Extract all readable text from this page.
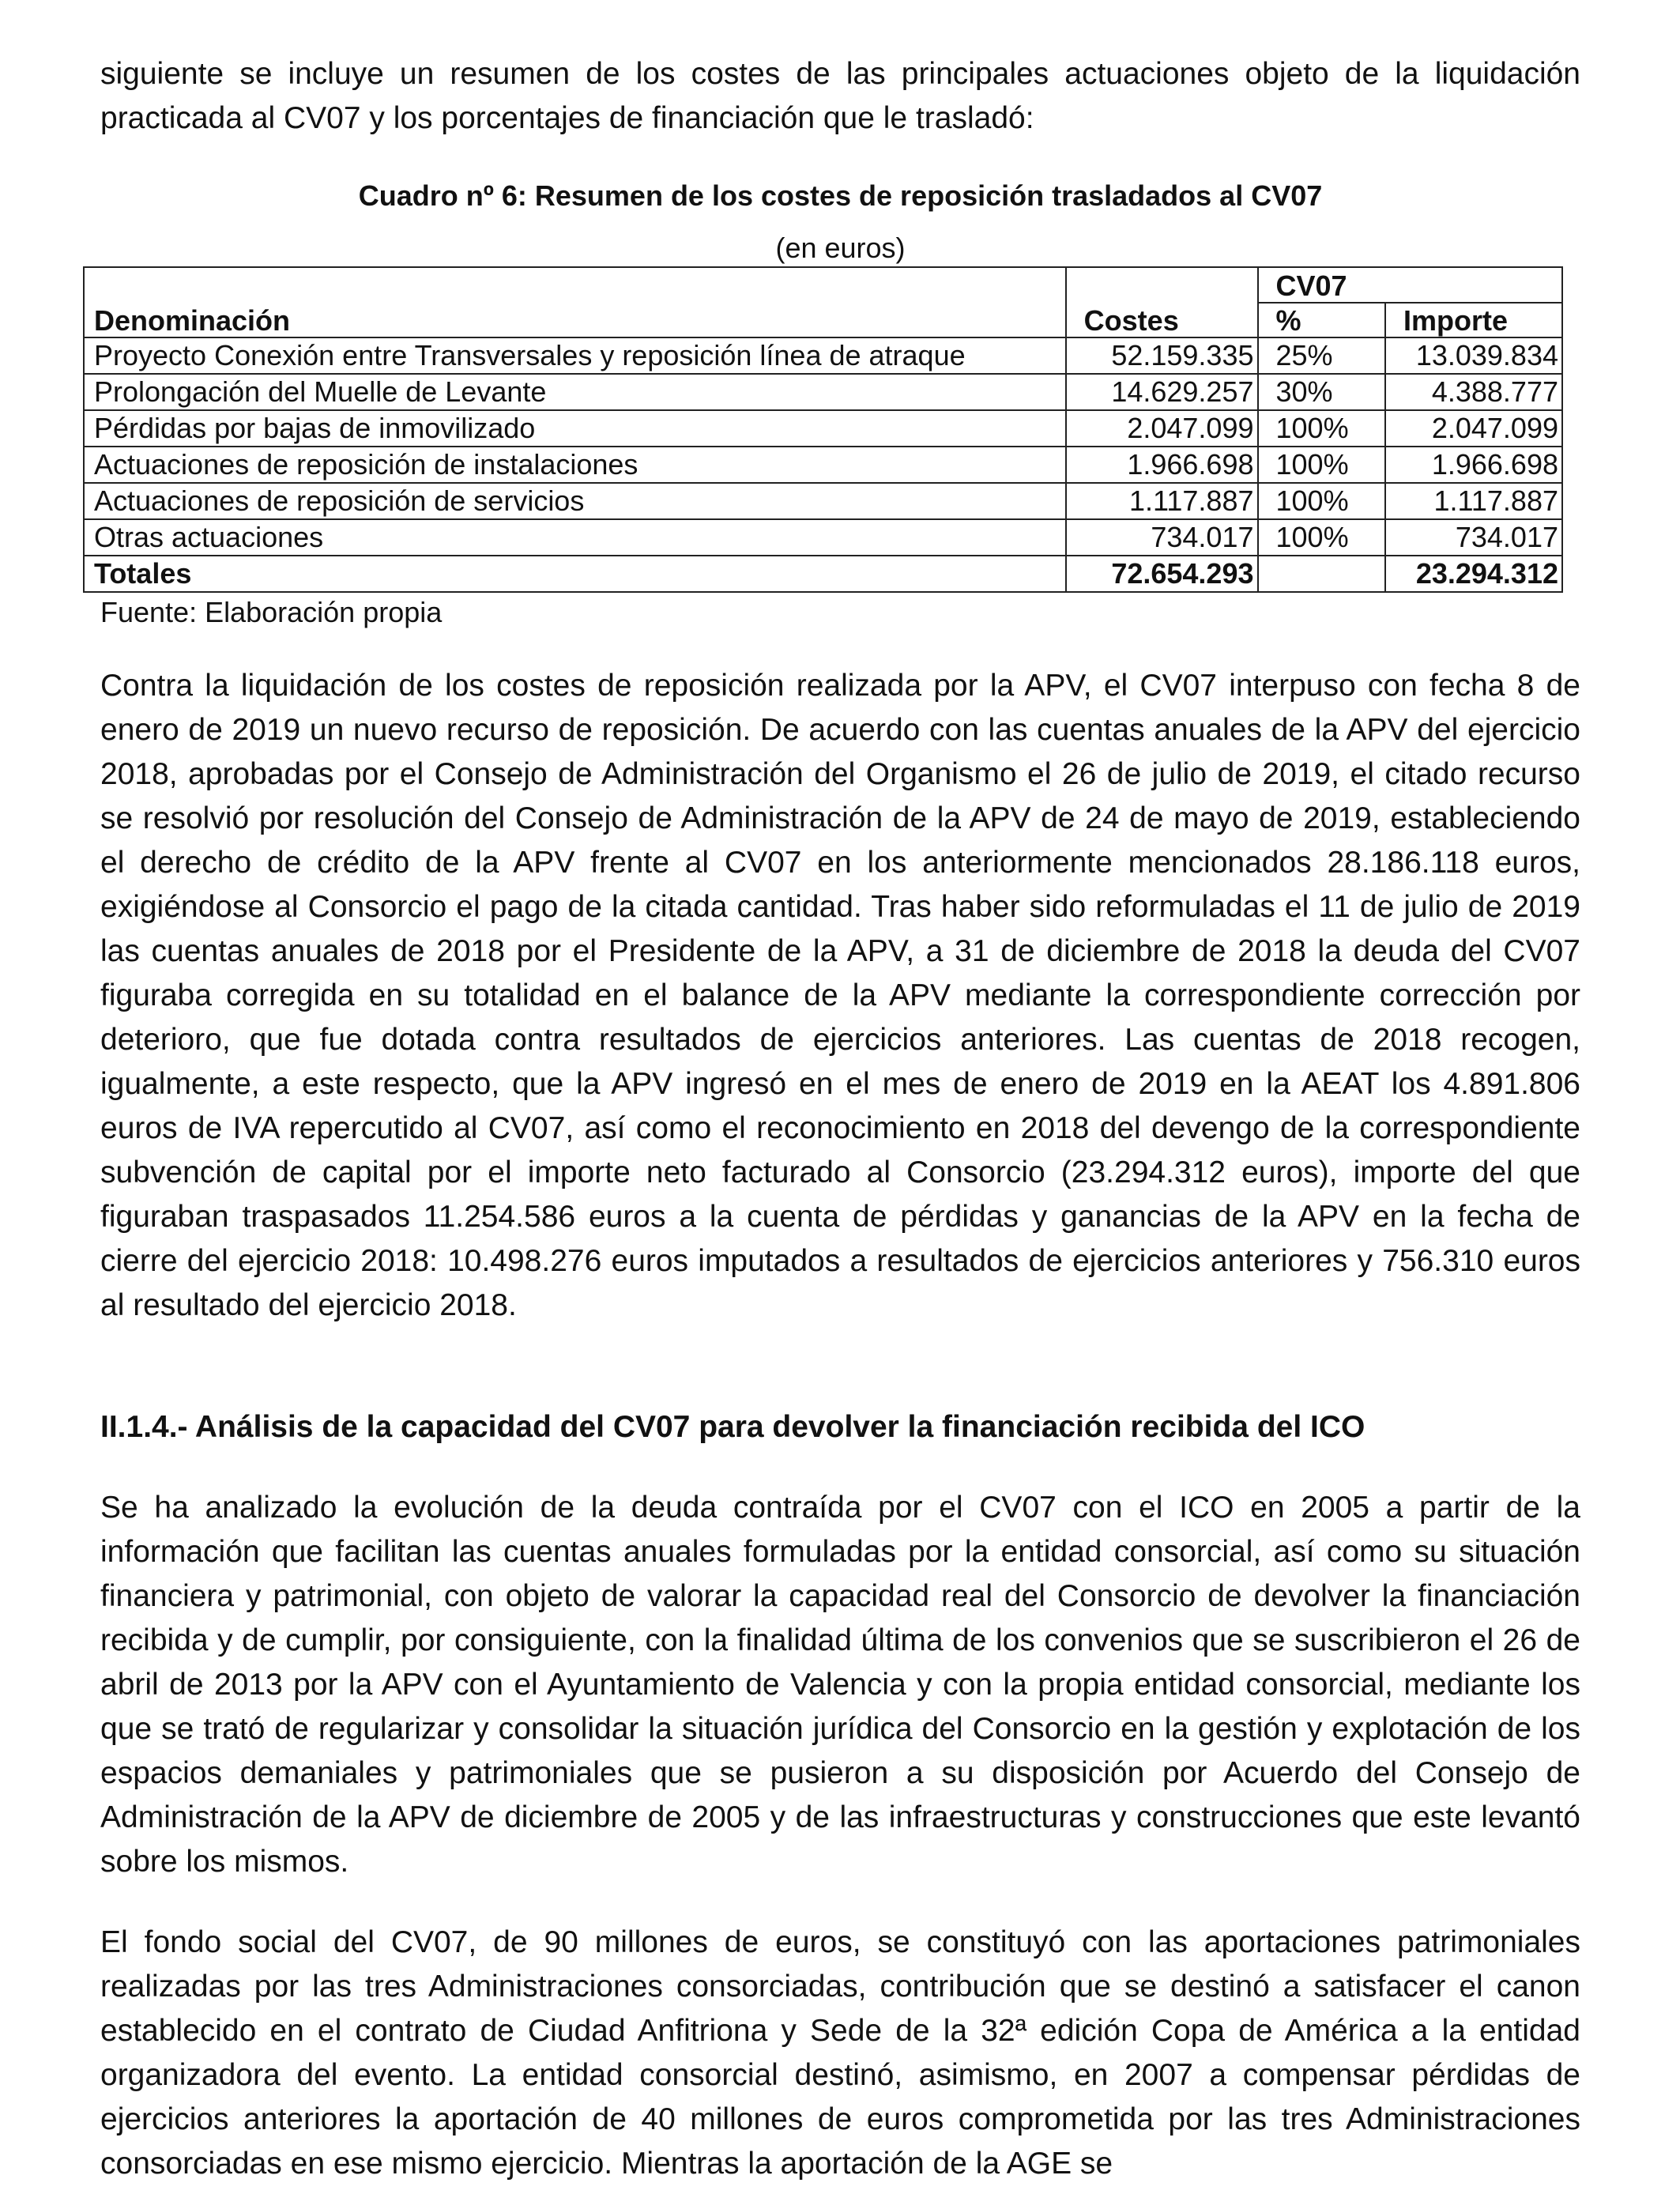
siguiente se incluye un resumen de los costes de las principales actuaciones objeto de la liquidación practicada al CV07 y los porcentajes de financiación que le trasladó:

Cuadro nº 6: Resumen de los costes de reposición trasladados al CV07

(en euros)

Denominación	Costes	CV07	
		%	Importe
Proyecto Conexión entre Transversales y reposición línea de atraque	52.159.335	25%	13.039.834
Prolongación del Muelle de Levante	14.629.257	30%	4.388.777
Pérdidas por bajas de inmovilizado	2.047.099	100%	2.047.099
Actuaciones de reposición de instalaciones	1.966.698	100%	1.966.698
Actuaciones de reposición de servicios	1.117.887	100%	1.117.887
Otras actuaciones	734.017	100%	734.017
Totales	72.654.293		23.294.312

Fuente: Elaboración propia

Contra la liquidación de los costes de reposición realizada por la APV, el CV07 interpuso con fecha 8 de enero de 2019 un nuevo recurso de reposición. De acuerdo con las cuentas anuales de la APV del ejercicio 2018, aprobadas por el Consejo de Administración del Organismo el 26 de julio de 2019, el citado recurso se resolvió por resolución del Consejo de Administración de la APV de 24 de mayo de 2019, estableciendo el derecho de crédito de la APV frente al CV07 en los anteriormente mencionados 28.186.118 euros, exigiéndose al Consorcio el pago de la citada cantidad. Tras haber sido reformuladas el 11 de julio de 2019 las cuentas anuales de 2018 por el Presidente de la APV, a 31 de diciembre de 2018 la deuda del CV07 figuraba corregida en su totalidad en el balance de la APV mediante la correspondiente corrección por deterioro, que fue dotada contra resultados de ejercicios anteriores. Las cuentas de 2018 recogen, igualmente, a este respecto, que la APV ingresó en el mes de enero de 2019 en la AEAT los 4.891.806 euros de IVA repercutido al CV07, así como el reconocimiento en 2018 del devengo de la correspondiente subvención de capital por el importe neto facturado al Consorcio (23.294.312 euros), importe del que figuraban traspasados 11.254.586 euros a la cuenta de pérdidas y ganancias de la APV en la fecha de cierre del ejercicio 2018: 10.498.276 euros imputados a resultados de ejercicios anteriores y 756.310 euros al resultado del ejercicio 2018.

II.1.4.- Análisis de la capacidad del CV07 para devolver la financiación recibida del ICO

Se ha analizado la evolución de la deuda contraída por el CV07 con el ICO en 2005 a partir de la información que facilitan las cuentas anuales formuladas por la entidad consorcial, así como su situación financiera y patrimonial, con objeto de valorar la capacidad real del Consorcio de devolver la financiación recibida y de cumplir, por consiguiente, con la finalidad última de los convenios que se suscribieron el 26 de abril de 2013 por la APV con el Ayuntamiento de Valencia y con la propia entidad consorcial, mediante los que se trató de regularizar y consolidar la situación jurídica del Consorcio en la gestión y explotación de los espacios demaniales y patrimoniales que se pusieron a su disposición por Acuerdo del Consejo de Administración de la APV de diciembre de 2005 y de las infraestructuras y construcciones que este levantó sobre los mismos.

El fondo social del CV07, de 90 millones de euros, se constituyó con las aportaciones patrimoniales realizadas por las tres Administraciones consorciadas, contribución que se destinó a satisfacer el canon establecido en el contrato de Ciudad Anfitriona y Sede de la 32ª edición Copa de América a la entidad organizadora del evento. La entidad consorcial destinó, asimismo, en 2007 a compensar pérdidas de ejercicios anteriores la aportación de 40 millones de euros comprometida por las tres Administraciones consorciadas en ese mismo ejercicio. Mientras la aportación de la AGE se
